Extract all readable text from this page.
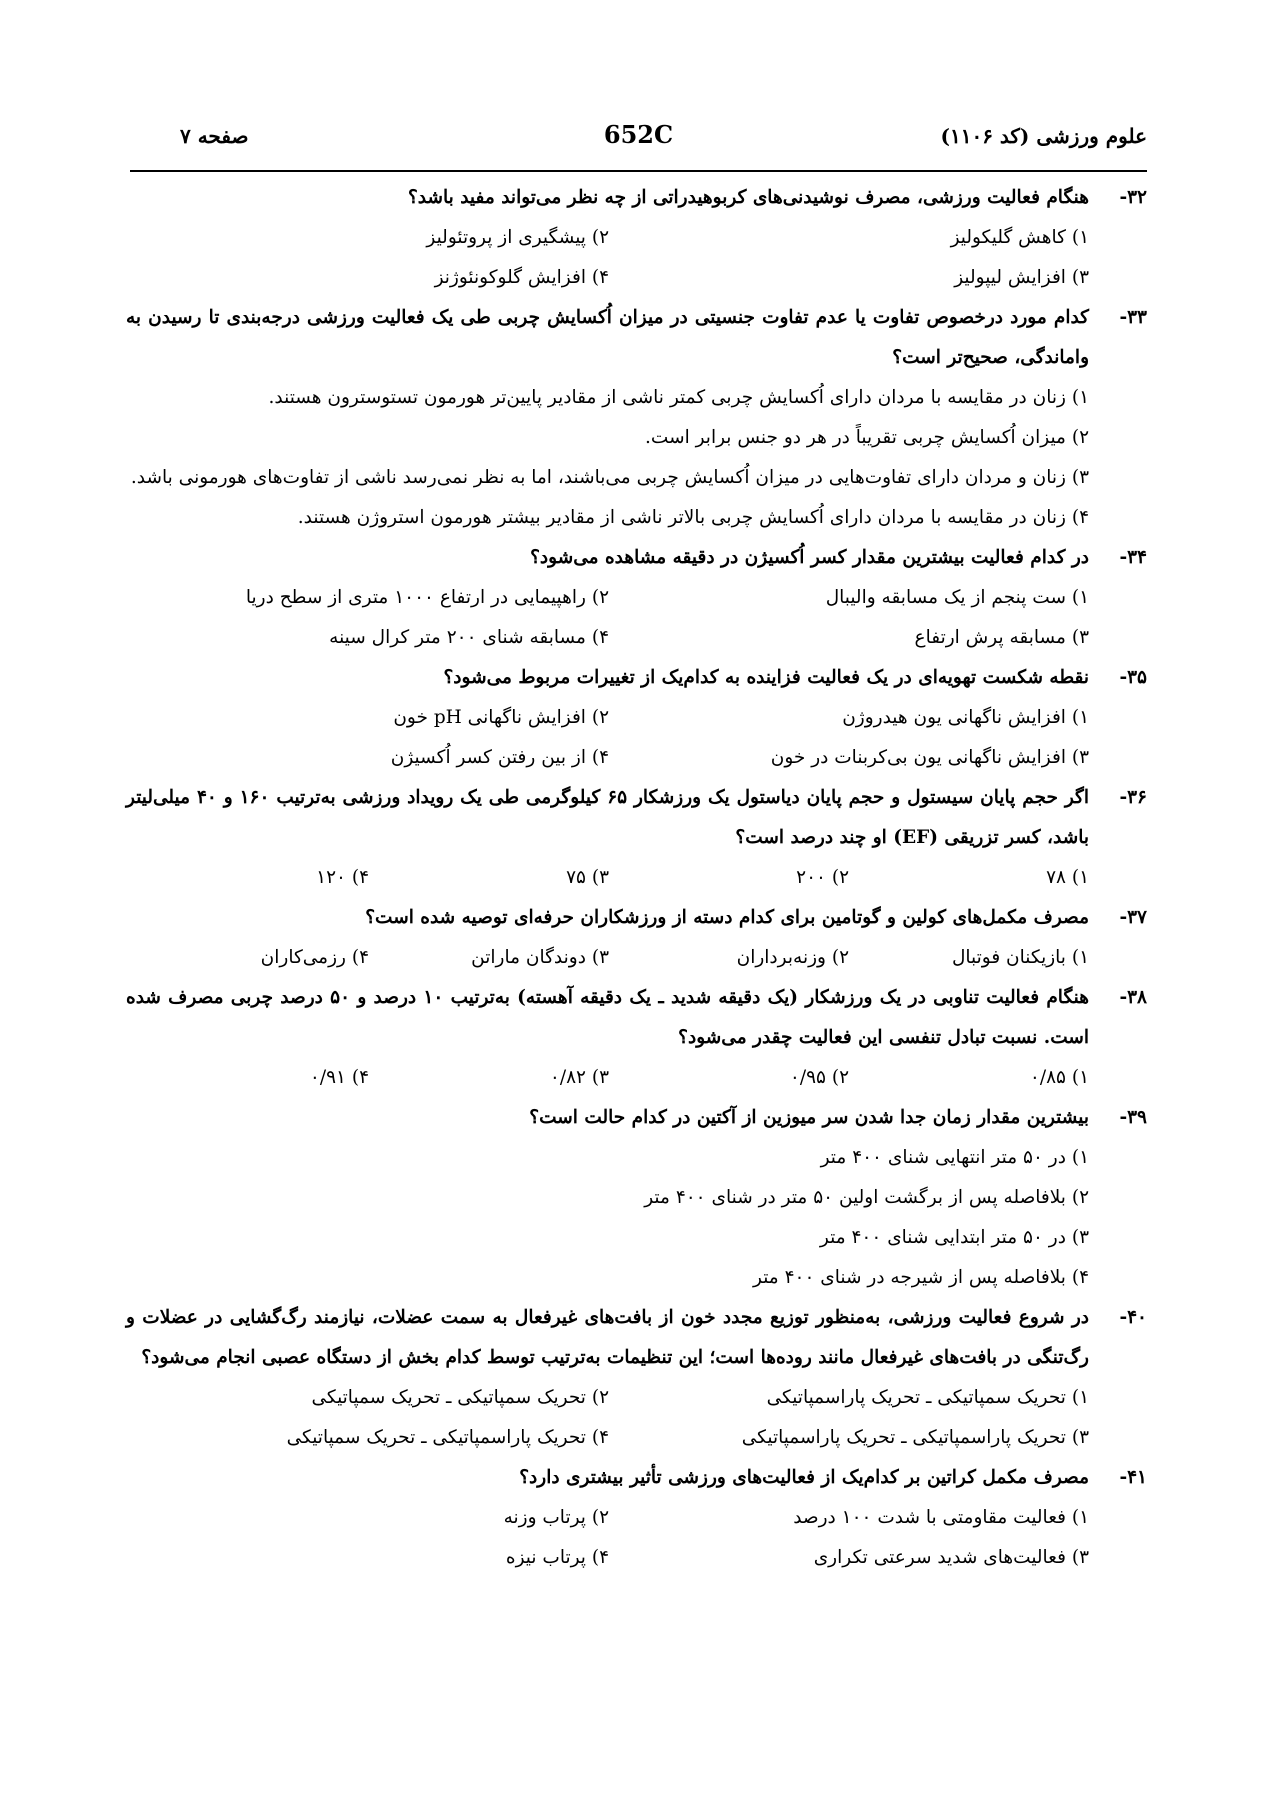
علوم ورزشی (کد ۱۱۰۶)
652C
صفحه ۷
۳۲-
هنگام فعالیت ورزشی، مصرف نوشیدنی‌های کربوهیدراتی از چه نظر می‌تواند مفید باشد؟
۱) کاهش گلیکولیز
۲) پیشگیری از پروتئولیز
۳) افزایش لیپولیز
۴) افزایش گلوکونئوژنز
۳۳-
کدام مورد درخصوص تفاوت یا عدم تفاوت جنسیتی در میزان اُکسایش چربی طی یک فعالیت ورزشی درجه‌بندی تا رسیدن به واماندگی، صحیح‌تر است؟
۱) زنان در مقایسه با مردان دارای اُکسایش چربی کمتر ناشی از مقادیر پایین‌تر هورمون تستوسترون هستند.
۲) میزان اُکسایش چربی تقریباً در هر دو جنس برابر است.
۳) زنان و مردان دارای تفاوت‌هایی در میزان اُکسایش چربی می‌باشند، اما به نظر نمی‌رسد ناشی از تفاوت‌های هورمونی باشد.
۴) زنان در مقایسه با مردان دارای اُکسایش چربی بالاتر ناشی از مقادیر بیشتر هورمون استروژن هستند.
۳۴-
در کدام فعالیت بیشترین مقدار کسر اُکسیژن در دقیقه مشاهده می‌شود؟
۱) ست پنجم از یک مسابقه والیبال
۲) راهپیمایی در ارتفاع ۱۰۰۰ متری از سطح دریا
۳) مسابقه پرش ارتفاع
۴) مسابقه شنای ۲۰۰ متر کرال سینه
۳۵-
نقطه شکست تهویه‌ای در یک فعالیت فزاینده به کدام‌یک از تغییرات مربوط می‌شود؟
۱) افزایش ناگهانی یون هیدروژن
۲) افزایش ناگهانی pH خون
۳) افزایش ناگهانی یون بی‌کربنات در خون
۴) از بین رفتن کسر اُکسیژن
۳۶-
اگر حجم پایان سیستول و حجم پایان دیاستول یک ورزشکار ۶۵ کیلوگرمی طی یک رویداد ورزشی به‌ترتیب ۱۶۰ و ۴۰ میلی‌لیتر باشد، کسر تزریقی (EF) او چند درصد است؟
۱) ۷۸
۲) ۲۰۰
۳) ۷۵
۴) ۱۲۰
۳۷-
مصرف مکمل‌های کولین و گوتامین برای کدام دسته از ورزشکاران حرفه‌ای توصیه شده است؟
۱) بازیکنان فوتبال
۲) وزنه‌برداران
۳) دوندگان ماراتن
۴) رزمی‌کاران
۳۸-
هنگام فعالیت تناوبی در یک ورزشکار (یک دقیقه شدید ـ یک دقیقه آهسته) به‌ترتیب ۱۰ درصد و ۵۰ درصد چربی مصرف شده است. نسبت تبادل تنفسی این فعالیت چقدر می‌شود؟
۱) ۰/۸۵
۲) ۰/۹۵
۳) ۰/۸۲
۴) ۰/۹۱
۳۹-
بیشترین مقدار زمان جدا شدن سر میوزین از آکتین در کدام حالت است؟
۱) در ۵۰ متر انتهایی شنای ۴۰۰ متر
۲) بلافاصله پس از برگشت اولین ۵۰ متر در شنای ۴۰۰ متر
۳) در ۵۰ متر ابتدایی شنای ۴۰۰ متر
۴) بلافاصله پس از شیرجه در شنای ۴۰۰ متر
۴۰-
در شروع فعالیت ورزشی، به‌منظور توزیع مجدد خون از بافت‌های غیرفعال به سمت عضلات، نیازمند رگ‌گشایی در عضلات و رگ‌تنگی در بافت‌های غیرفعال مانند روده‌ها است؛ این تنظیمات به‌ترتیب توسط کدام بخش از دستگاه عصبی انجام می‌شود؟
۱) تحریک سمپاتیکی ـ تحریک پاراسمپاتیکی
۲) تحریک سمپاتیکی ـ تحریک سمپاتیکی
۳) تحریک پاراسمپاتیکی ـ تحریک پاراسمپاتیکی
۴) تحریک پاراسمپاتیکی ـ تحریک سمپاتیکی
۴۱-
مصرف مکمل کراتین بر کدام‌یک از فعالیت‌های ورزشی تأثیر بیشتری دارد؟
۱) فعالیت مقاومتی با شدت ۱۰۰ درصد
۲) پرتاب وزنه
۳) فعالیت‌های شدید سرعتی تکراری
۴) پرتاب نیزه
